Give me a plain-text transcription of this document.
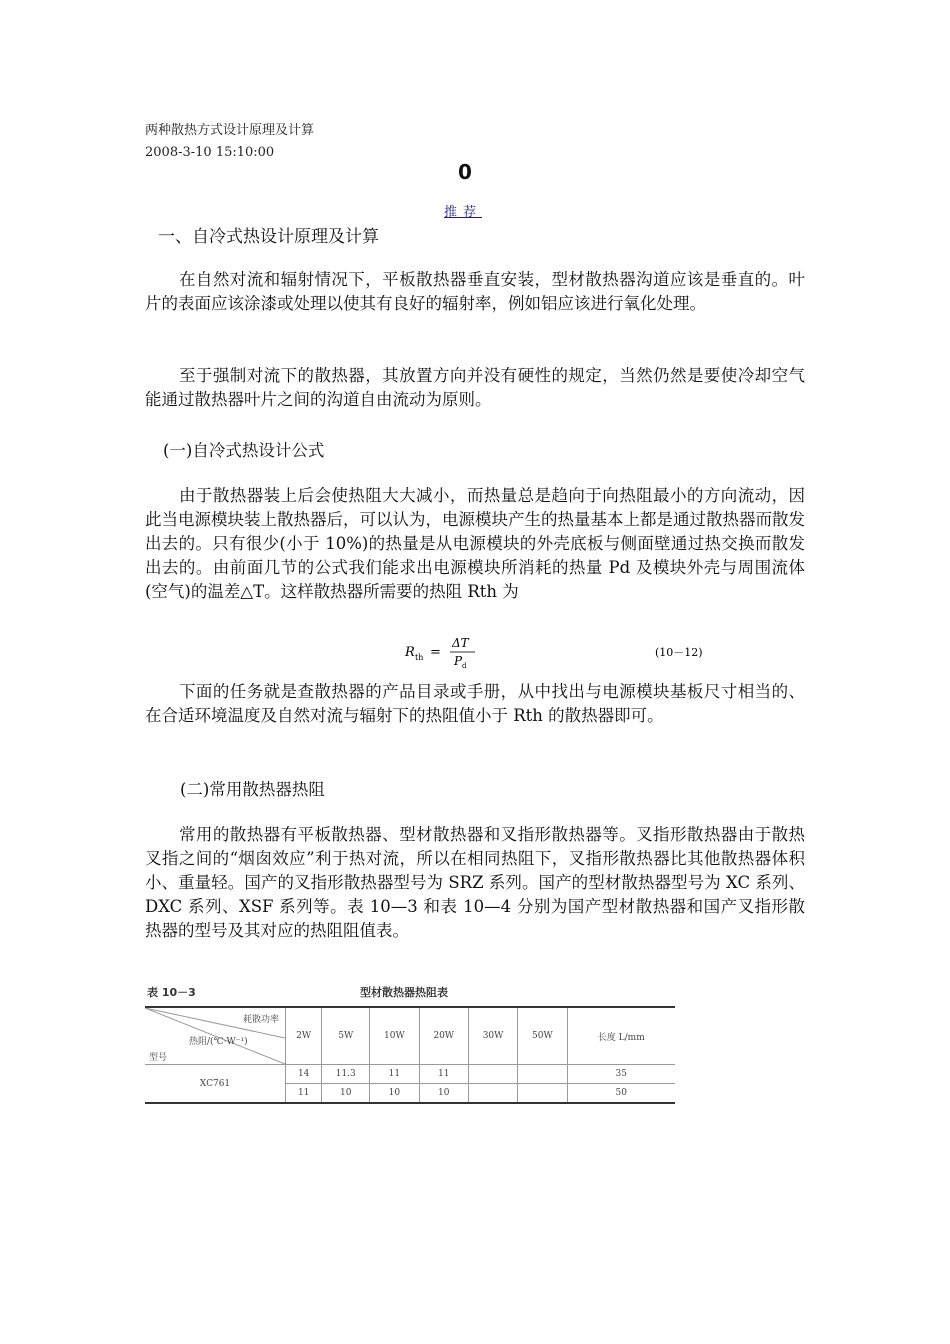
两种散热方式设计原理及计算
2008-3-10 15:10:00
0
推荐
一、自冷式热设计原理及计算
在自然对流和辐射情况下，平板散热器垂直安装，型材散热器沟道应该是垂直的。叶片的表面应该涂漆或处理以使其有良好的辐射率，例如铝应该进行氧化处理。
至于强制对流下的散热器，其放置方向并没有硬性的规定，当然仍然是要使冷却空气能通过散热器叶片之间的沟道自由流动为原则。
(一)自冷式热设计公式
由于散热器装上后会使热阻大大减小，而热量总是趋向于向热阻最小的方向流动，因此当电源模块装上散热器后，可以认为，电源模块产生的热量基本上都是通过散热器而散发出去的。只有很少(小于 10%)的热量是从电源模块的外壳底板与侧面壁通过热交换而散发出去的。由前面几节的公式我们能求出电源模块所消耗的热量 Pd 及模块外壳与周围流体(空气)的温差△T。这样散热器所需要的热阻 Rth 为
R th =
ΔT
P d
(10－12)
下面的任务就是查散热器的产品目录或手册，从中找出与电源模块基板尺寸相当的、在合适环境温度及自然对流与辐射下的热阻值小于 Rth 的散热器即可。
(二)常用散热器热阻
常用的散热器有平板散热器、型材散热器和叉指形散热器等。叉指形散热器由于散热叉指之间的“烟囱效应”利于热对流，所以在相同热阻下，叉指形散热器比其他散热器体积小、重量轻。国产的叉指形散热器型号为 SRZ 系列。国产的型材散热器型号为 XC 系列、DXC 系列、XSF 系列等。表 10—3 和表 10—4 分别为国产型材散热器和国产叉指形散热器的型号及其对应的热阻阻值表。
表 10－3	型材散热器热阻表
耗散功率
热阻/(℃·W⁻¹)
型号	2W	5W	10W	20W	30W	50W	长度 L/mm
XC761	14	11.3	11	11			35
	11	10	10	10			50
